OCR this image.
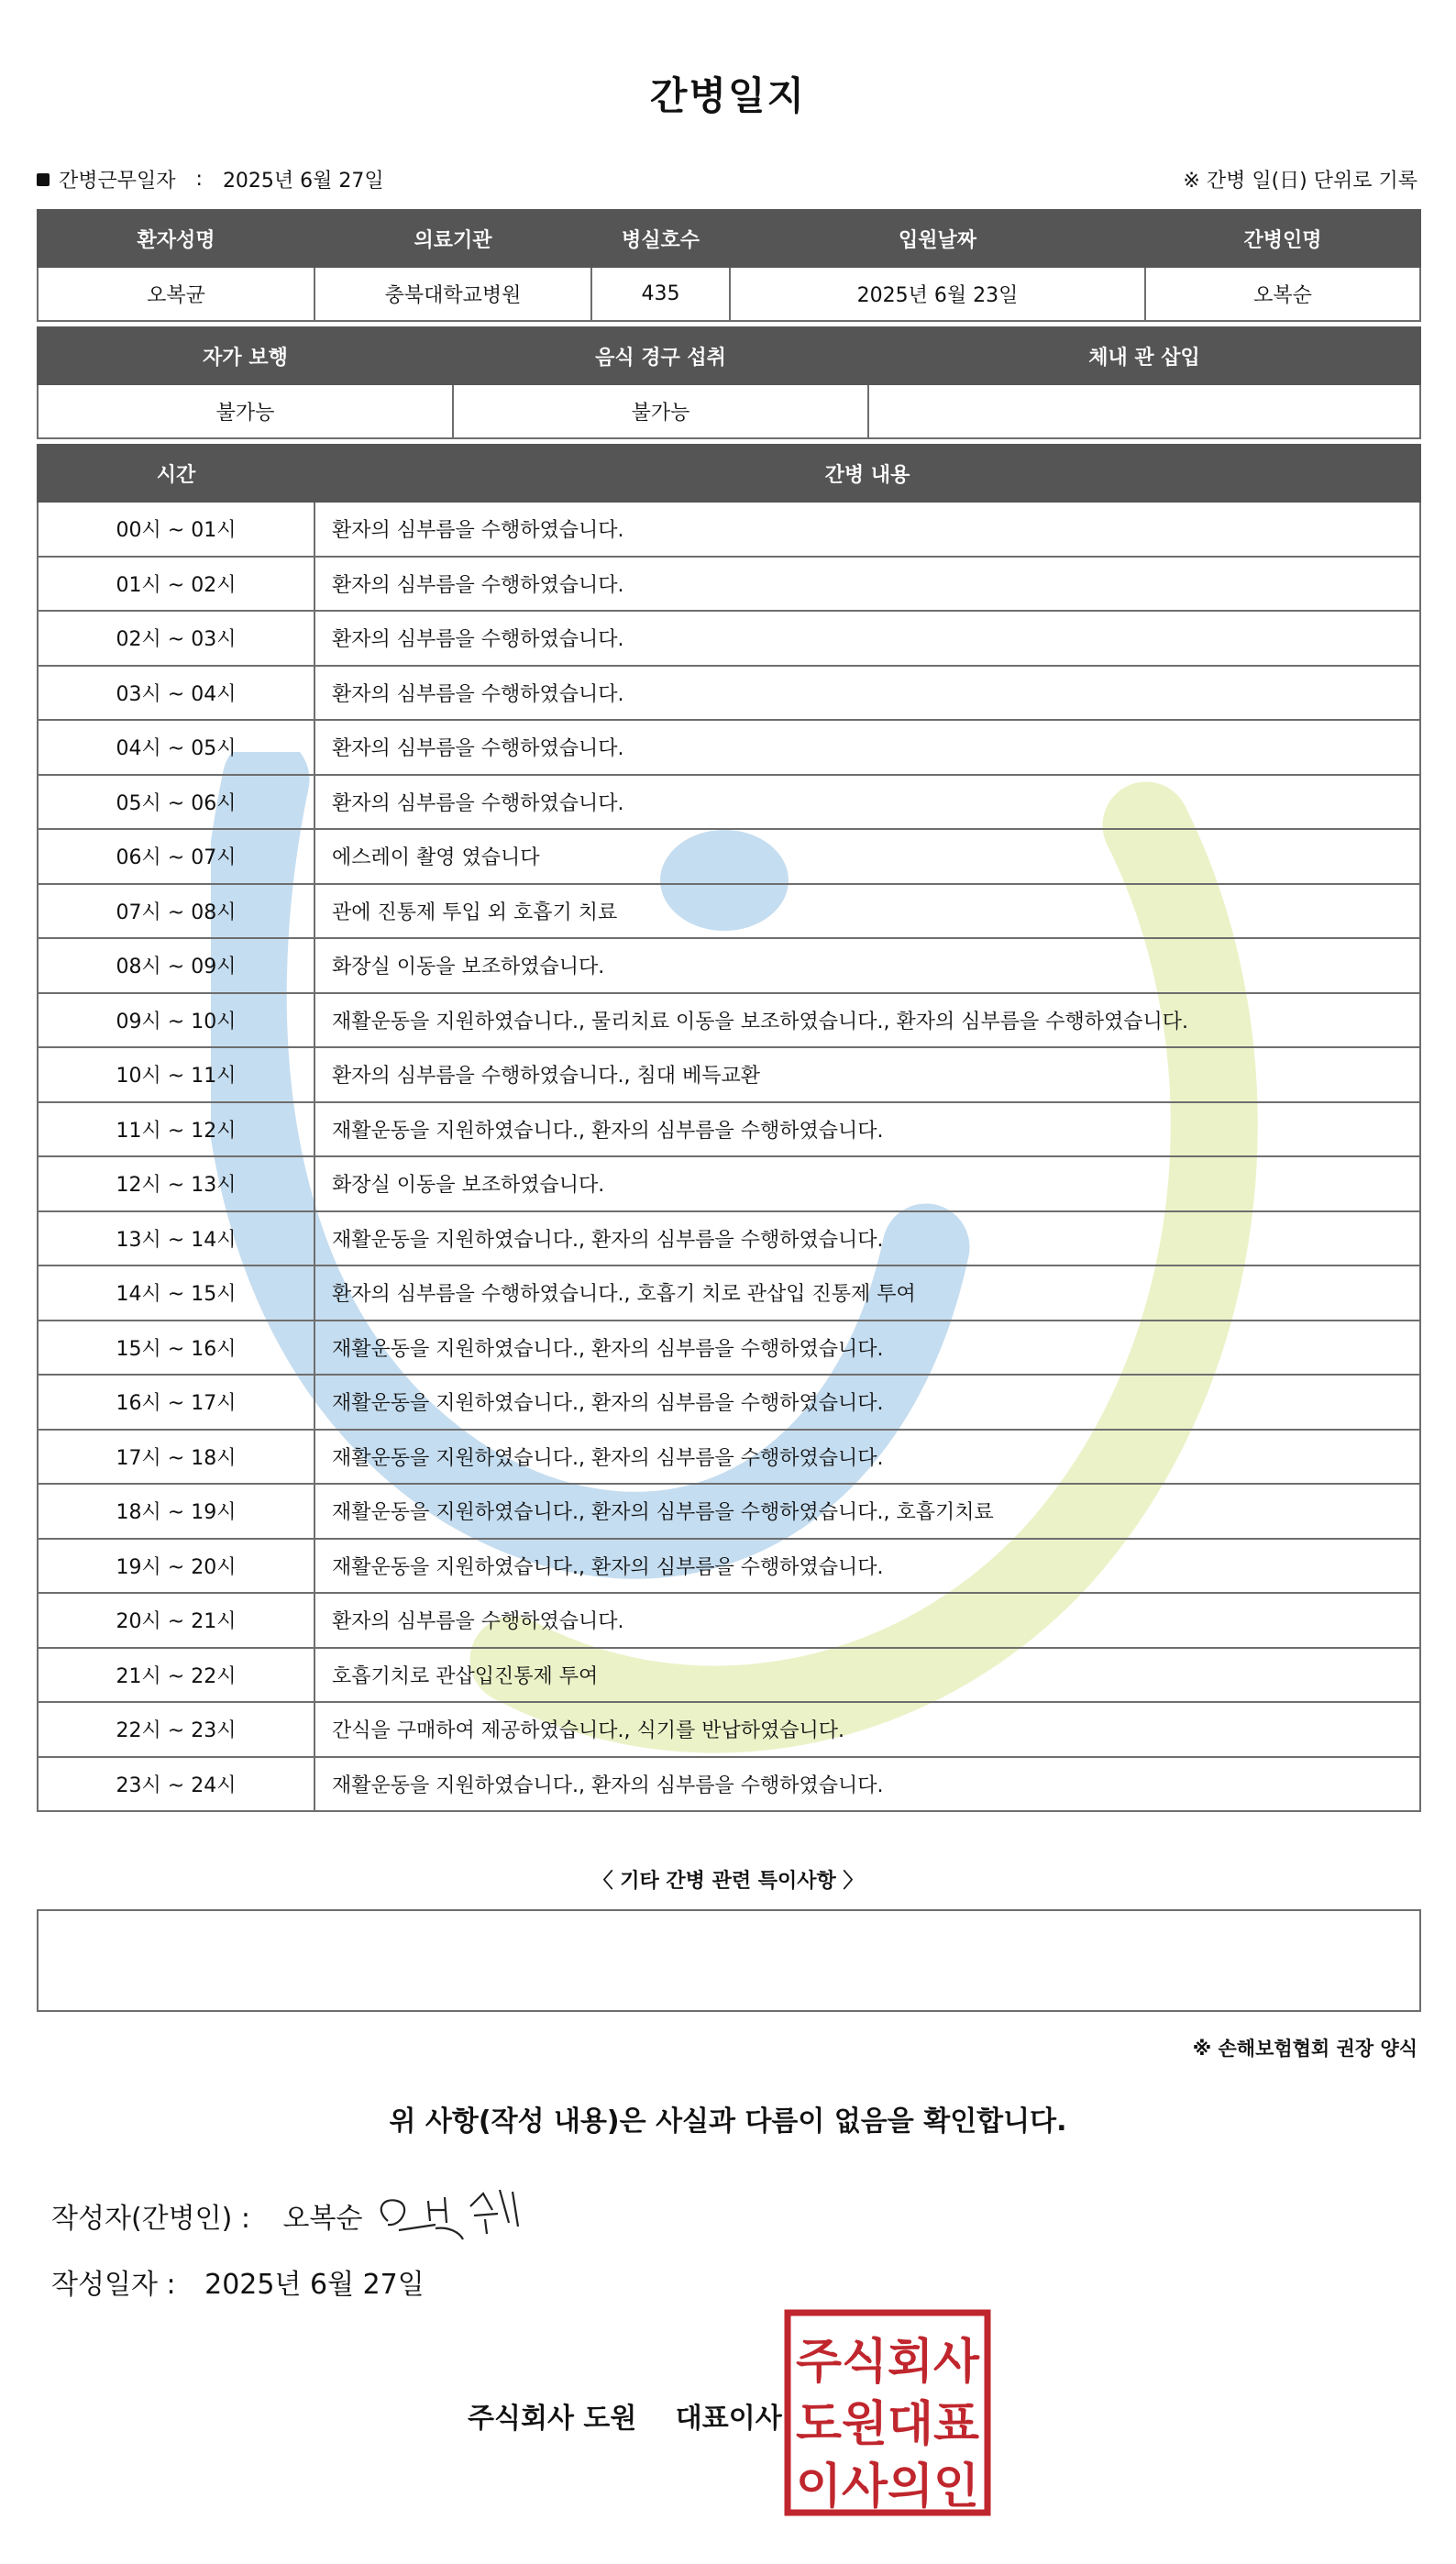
간병일지
간병근무일자 : 2025년 6월 27일	※ 간병 일(日) 단위로 기록
환자성명	의료기관	병실호수	입원날짜	간병인명
오복균	충북대학교병원	435	2025년 6월 23일	오복순
자가 보행	음식 경구 섭취	체내 관 삽입
불가능	불가능	
시간	간병 내용
00시 ~ 01시	환자의 심부름을 수행하였습니다.
01시 ~ 02시	환자의 심부름을 수행하였습니다.
02시 ~ 03시	환자의 심부름을 수행하였습니다.
03시 ~ 04시	환자의 심부름을 수행하였습니다.
04시 ~ 05시	환자의 심부름을 수행하였습니다.
05시 ~ 06시	환자의 심부름을 수행하였습니다.
06시 ~ 07시	에스레이 촬영 였습니다
07시 ~ 08시	관에 진통제 투입 외 호흡기 치료
08시 ~ 09시	화장실 이동을 보조하였습니다.
09시 ~ 10시	재활운동을 지원하였습니다., 물리치료 이동을 보조하였습니다., 환자의 심부름을 수행하였습니다.
10시 ~ 11시	환자의 심부름을 수행하였습니다., 침대 베득교환
11시 ~ 12시	재활운동을 지원하였습니다., 환자의 심부름을 수행하였습니다.
12시 ~ 13시	화장실 이동을 보조하였습니다.
13시 ~ 14시	재활운동을 지원하였습니다., 환자의 심부름을 수행하였습니다.
14시 ~ 15시	환자의 심부름을 수행하였습니다., 호흡기 치로 관삽입 진통제 투여
15시 ~ 16시	재활운동을 지원하였습니다., 환자의 심부름을 수행하였습니다.
16시 ~ 17시	재활운동을 지원하였습니다., 환자의 심부름을 수행하였습니다.
17시 ~ 18시	재활운동을 지원하였습니다., 환자의 심부름을 수행하였습니다.
18시 ~ 19시	재활운동을 지원하였습니다., 환자의 심부름을 수행하였습니다., 호흡기치료
19시 ~ 20시	재활운동을 지원하였습니다., 환자의 심부름을 수행하였습니다.
20시 ~ 21시	환자의 심부름을 수행하였습니다.
21시 ~ 22시	호흡기치로 관삽입진통제 투여
22시 ~ 23시	간식을 구매하여 제공하였습니다., 식기를 반납하였습니다.
23시 ~ 24시	재활운동을 지원하였습니다., 환자의 심부름을 수행하였습니다.
〈 기타 간병 관련 특이사항 〉
※ 손해보험협회 권장 양식
위 사항(작성 내용)은 사실과 다름이 없음을 확인합니다.
작성자(간병인) : 오복순
작성일자 : 2025년 6월 27일
주식회사 도원 대표이사
주식회사
도원대표
이사의인
